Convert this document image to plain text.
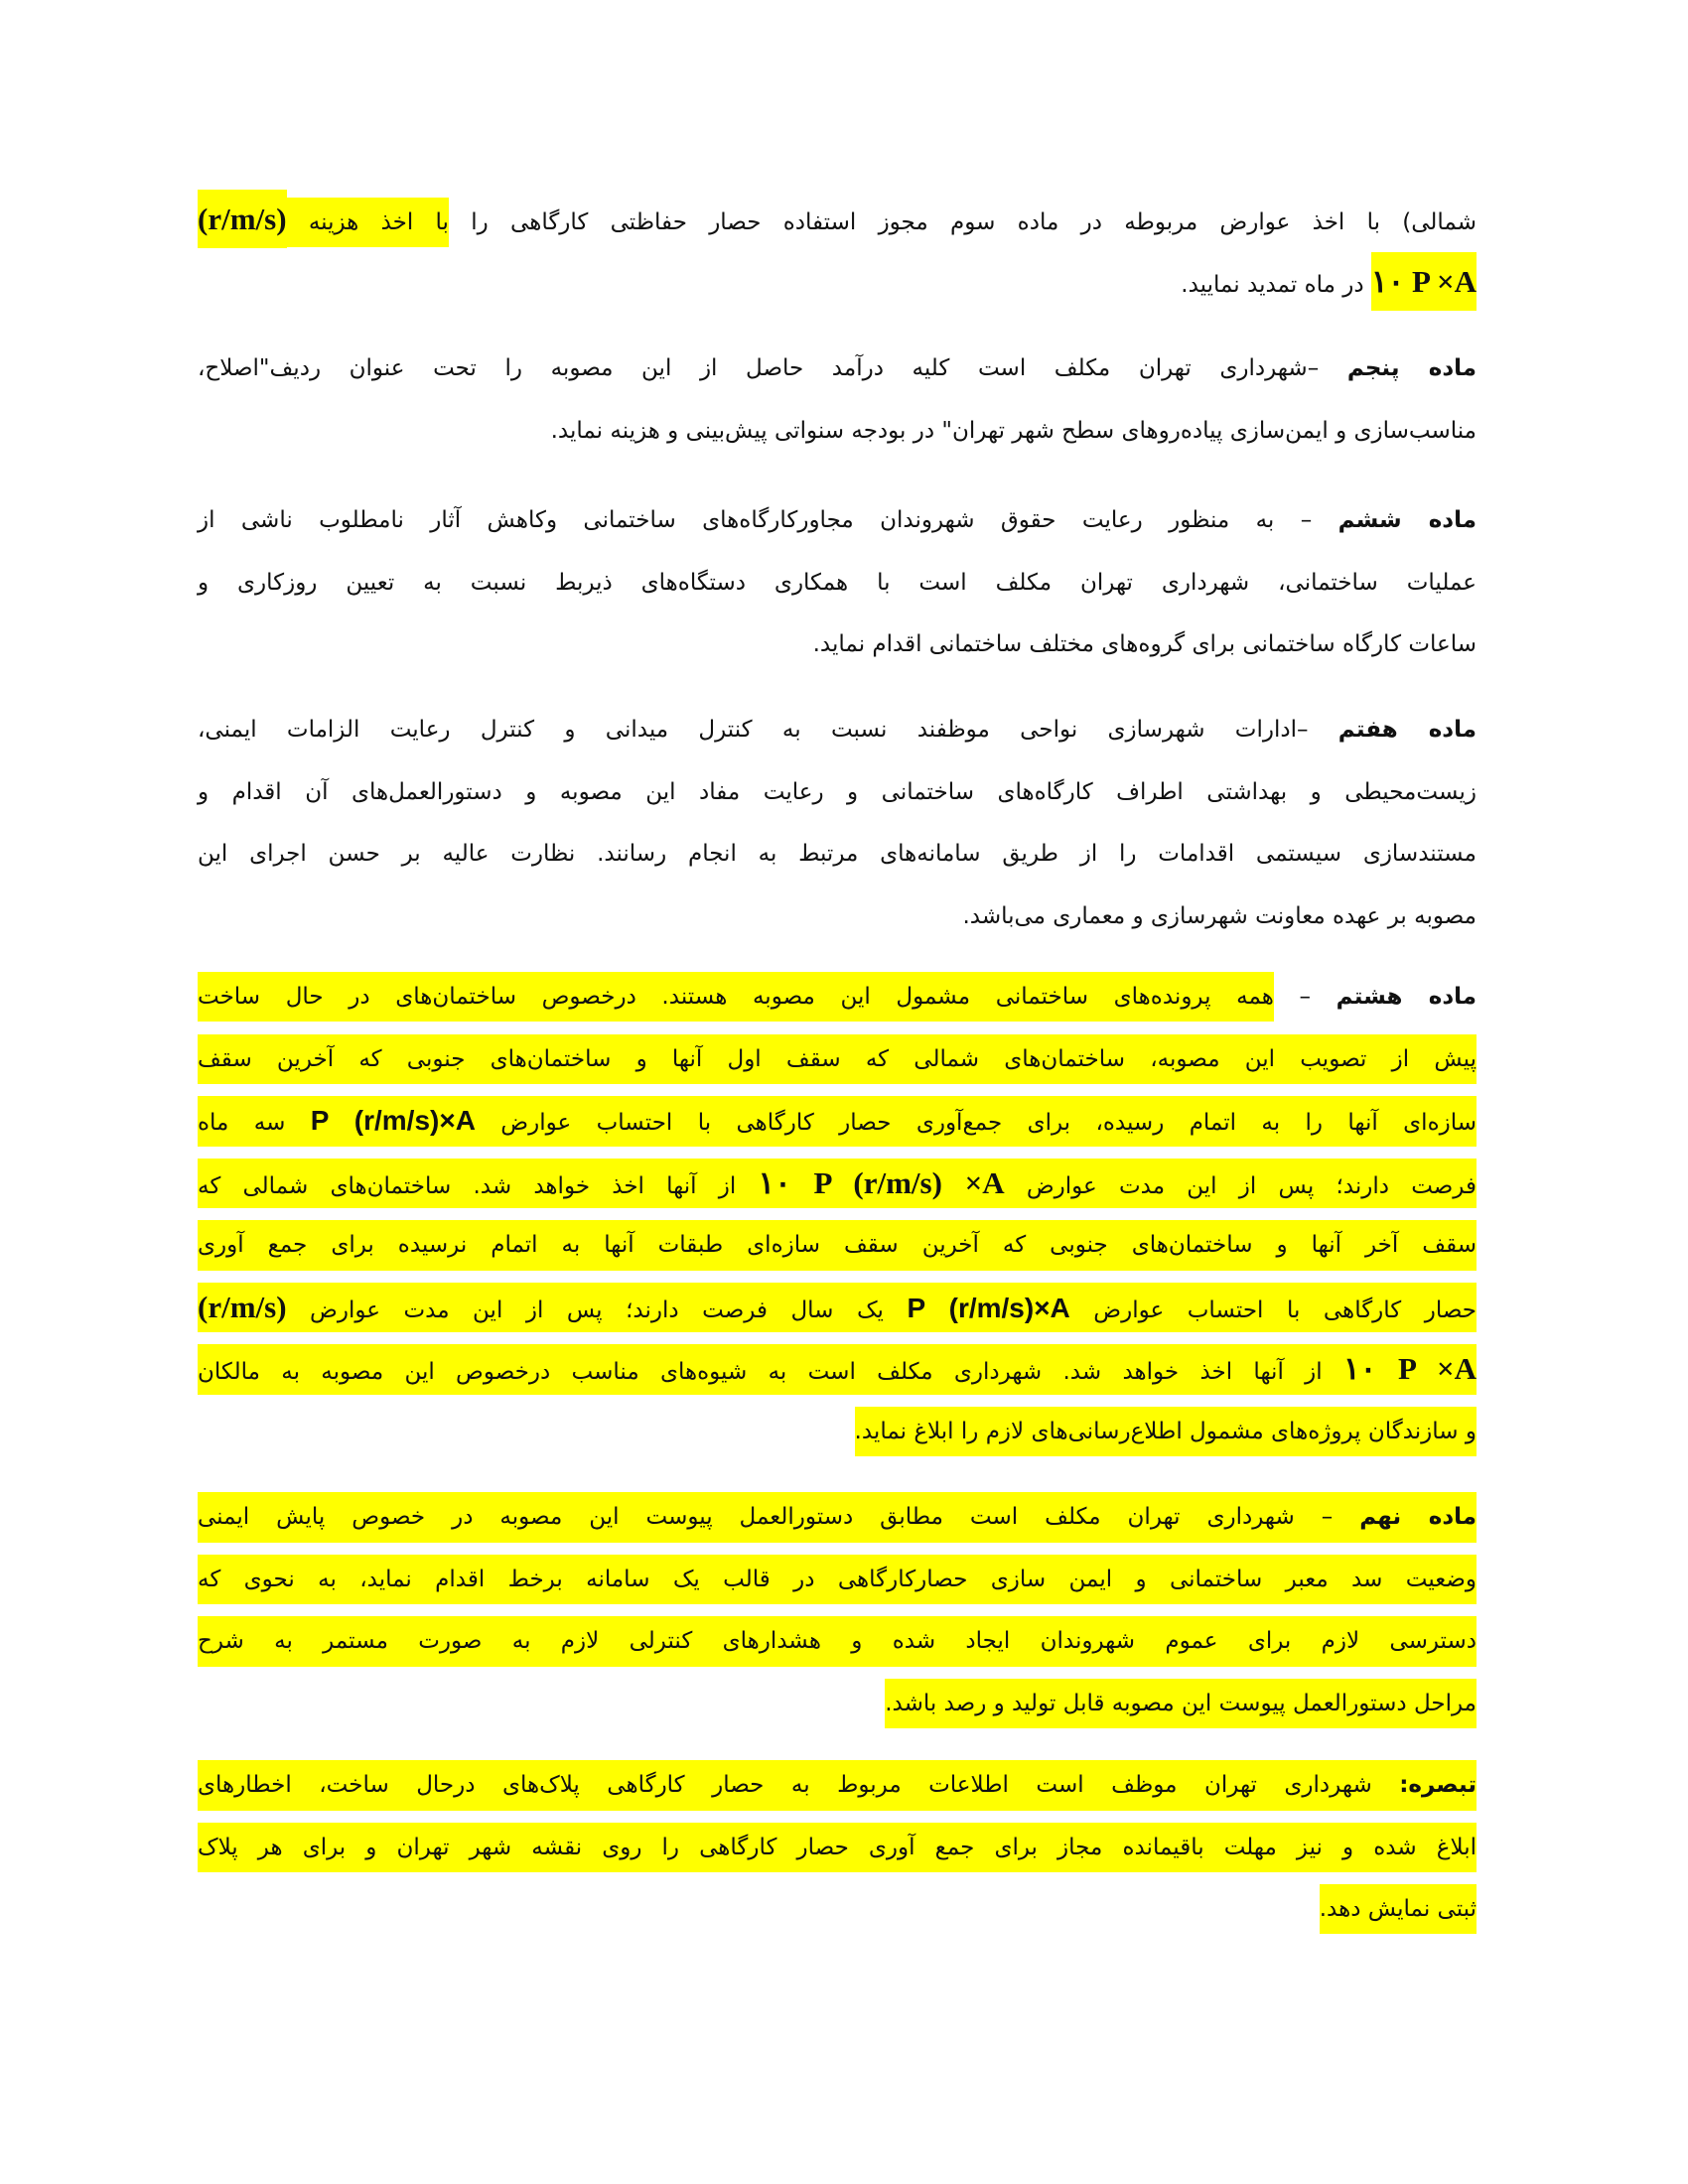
شمالی) با اخذ عوارض مربوطه در ماده سوم مجوز استفاده حصار حفاظتی کارگاهی را با اخذ هزینه (r/m/s)
۱۰ P ×A در ماه تمدید نمایید.
ماده پنجم –شهرداری تهران مکلف است کلیه درآمد حاصل از این مصوبه را تحت عنوان ردیف"اصلاح،
مناسب‌سازی و ایمن‌سازی پیاده‌روهای سطح شهر تهران" در بودجه سنواتی پیش‌بینی و هزینه نماید.
ماده ششم – به منظور رعایت حقوق شهروندان مجاورکارگاه‌های ساختمانی وکاهش آثار نامطلوب ناشی از
عملیات ساختمانی، شهرداری تهران مکلف است با همکاری دستگاه‌های ذیربط نسبت به تعیین روزکاری و
ساعات کارگاه ساختمانی برای گروه‌های مختلف ساختمانی اقدام نماید.
ماده هفتم –ادارات شهرسازی نواحی موظفند نسبت به کنترل میدانی و کنترل رعایت الزامات ایمنی،
زیست‌محیطی و بهداشتی اطراف کارگاه‌های ساختمانی و رعایت مفاد این مصوبه و دستورالعمل‌های آن اقدام و
مستندسازی سیستمی اقدامات را از طریق سامانه‌های مرتبط به انجام رسانند. نظارت عالیه بر حسن اجرای این
مصوبه بر عهده معاونت شهرسازی و معماری می‌باشد.
ماده هشتم – همه پرونده‌های ساختمانی مشمول این مصوبه هستند. درخصوص ساختمان‌های در حال ساخت
پیش از تصویب این مصوبه، ساختمان‌های شمالی که سقف اول آنها و ساختمان‌های جنوبی که آخرین سقف
سازه‌ای آنها را به اتمام رسیده، برای جمع‌آوری حصار کارگاهی با احتساب عوارض P (r/m/s)×A سه ماه
فرصت دارند؛ پس از این مدت عوارض ۱۰ P (r/m/s) ×A از آنها اخذ خواهد شد. ساختمان‌های شمالی که
سقف آخر آنها و ساختمان‌های جنوبی که آخرین سقف سازه‌ای طبقات آنها به اتمام نرسیده برای جمع آوری
حصار کارگاهی با احتساب عوارض P (r/m/s)×A یک سال فرصت دارند؛ پس از این مدت عوارض (r/m/s)
۱۰ P ×A از آنها اخذ خواهد شد. شهرداری مکلف است به شیوه‌های مناسب درخصوص این مصوبه به مالکان
و سازندگان پروژه‌های مشمول اطلاع‌رسانی‌های لازم را ابلاغ نماید.
ماده نهم – شهرداری تهران مکلف است مطابق دستورالعمل پیوست این مصوبه در خصوص پایش ایمنی
وضعیت سد معبر ساختمانی و ایمن سازی حصارکارگاهی در قالب یک سامانه برخط اقدام نماید، به نحوی که
دسترسی لازم برای عموم شهروندان ایجاد شده و هشدارهای کنترلی لازم به صورت مستمر به شرح
مراحل دستورالعمل پیوست این مصوبه قابل تولید و رصد باشد.
تبصره: شهرداری تهران موظف است اطلاعات مربوط به حصار کارگاهی پلاک‌های درحال ساخت، اخطارهای
ابلاغ شده و نیز مهلت باقیمانده مجاز برای جمع آوری حصار کارگاهی را روی نقشه شهر تهران و برای هر پلاک
ثبتی نمایش دهد.
